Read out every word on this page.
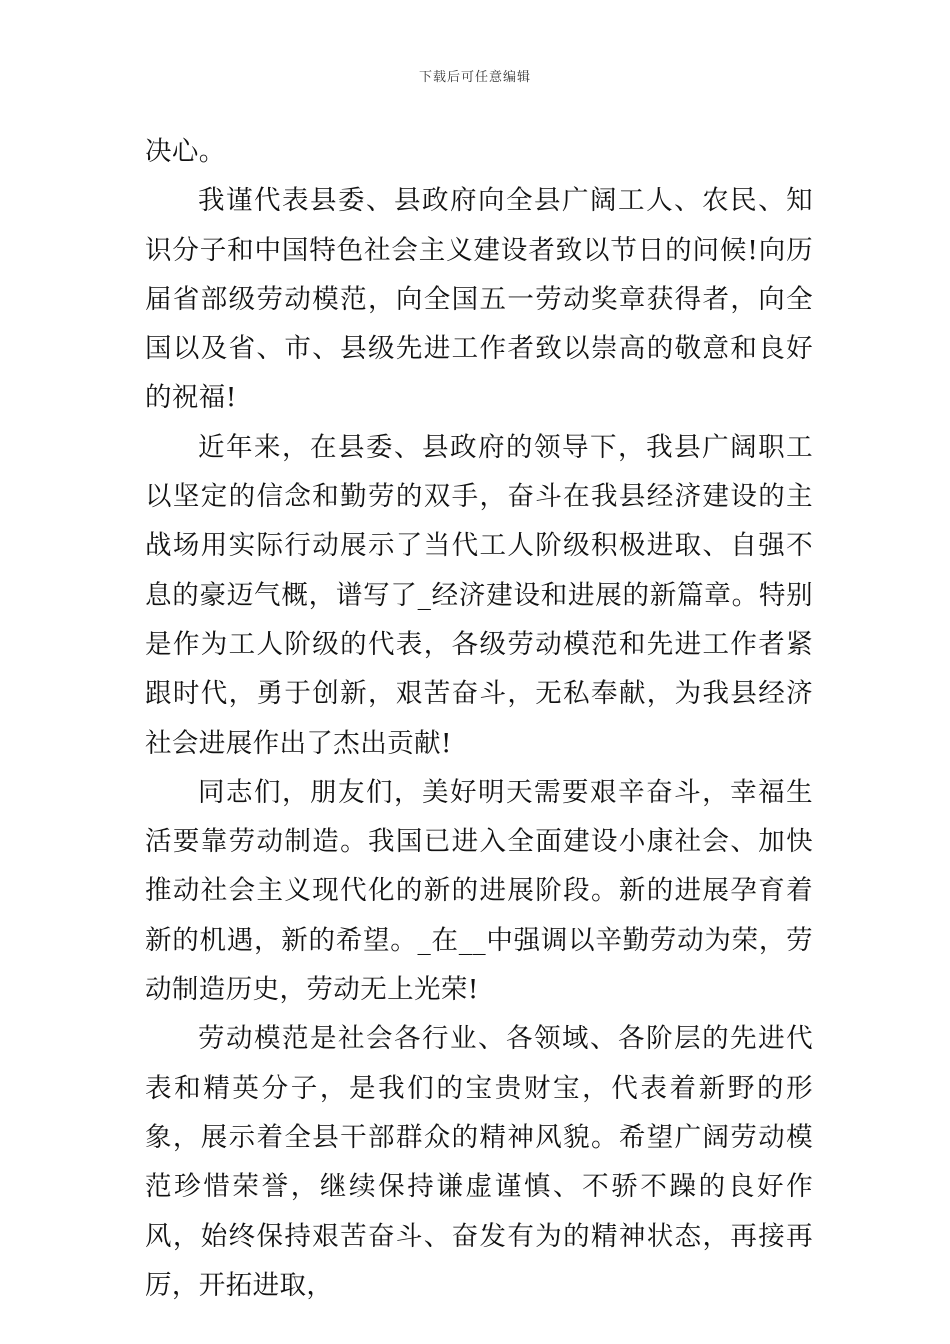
下载后可任意编辑

决心。

我谨代表县委、县政府向全县广阔工人、农民、知识分子和中国特色社会主义建设者致以节日的问候!向历届省部级劳动模范，向全国五一劳动奖章获得者，向全国以及省、市、县级先进工作者致以崇高的敬意和良好的祝福!

近年来，在县委、县政府的领导下，我县广阔职工以坚定的信念和勤劳的双手，奋斗在我县经济建设的主战场用实际行动展示了当代工人阶级积极进取、自强不息的豪迈气概，谱写了_经济建设和进展的新篇章。特别是作为工人阶级的代表，各级劳动模范和先进工作者紧跟时代，勇于创新，艰苦奋斗，无私奉献，为我县经济社会进展作出了杰出贡献!

同志们，朋友们，美好明天需要艰辛奋斗，幸福生活要靠劳动制造。我国已进入全面建设小康社会、加快推动社会主义现代化的新的进展阶段。新的进展孕育着新的机遇，新的希望。_在__中强调以辛勤劳动为荣，劳动制造历史，劳动无上光荣!

劳动模范是社会各行业、各领域、各阶层的先进代表和精英分子，是我们的宝贵财宝，代表着新野的形象，展示着全县干部群众的精神风貌。希望广阔劳动模范珍惜荣誉，继续保持谦虚谨慎、不骄不躁的良好作风，始终保持艰苦奋斗、奋发有为的精神状态，再接再厉，开拓进取，
